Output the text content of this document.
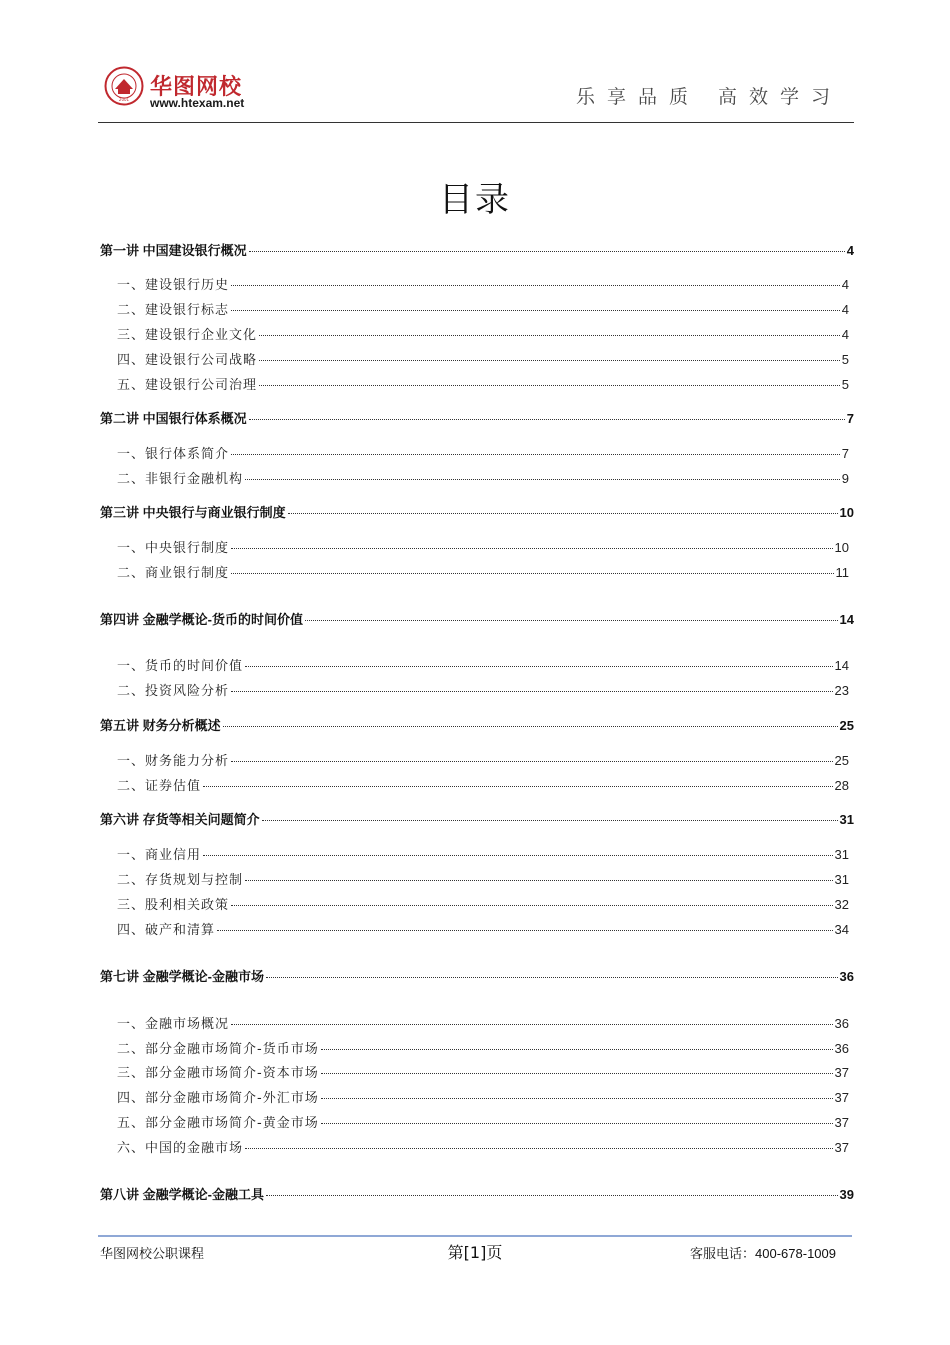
2001 华图网校
www.htexam.net	乐享品质 高效学习
目录
第一讲 中国建设银行概况	4
一、建设银行历史	4
二、建设银行标志	4
三、建设银行企业文化	4
四、建设银行公司战略	5
五、建设银行公司治理	5
第二讲 中国银行体系概况	7
一、银行体系简介	7
二、非银行金融机构	9
第三讲 中央银行与商业银行制度	10
一、中央银行制度	10
二、商业银行制度	11
第四讲 金融学概论-货币的时间价值	14
一、货币的时间价值	14
二、投资风险分析	23
第五讲 财务分析概述	25
一、财务能力分析	25
二、证券估值	28
第六讲 存货等相关问题简介	31
一、商业信用	31
二、存货规划与控制	31
三、股利相关政策	32
四、破产和清算	34
第七讲 金融学概论-金融市场	36
一、金融市场概况	36
二、部分金融市场简介-货币市场	36
三、部分金融市场简介-资本市场	37
四、部分金融市场简介-外汇市场	37
五、部分金融市场简介-黄金市场	37
六、中国的金融市场	37
第八讲 金融学概论-金融工具	39
华图网校公职课程	第[1]页	客服电话：400-678-1009
